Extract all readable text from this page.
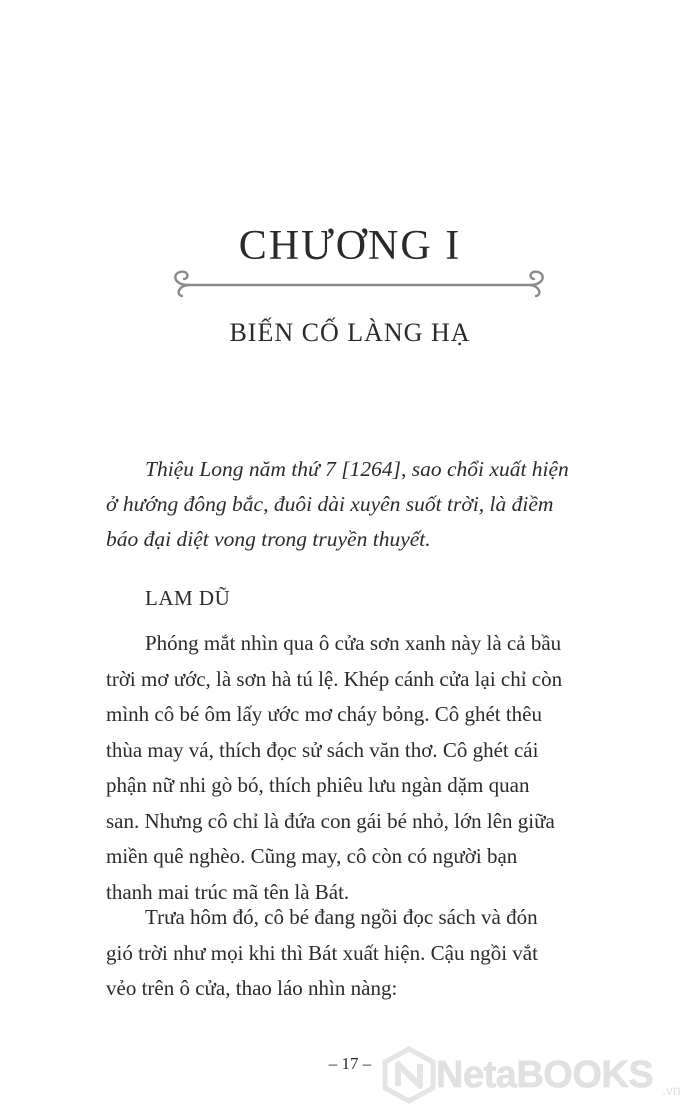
CHƯƠNG I
BIẾN CỐ LÀNG HẠ

Thiệu Long năm thứ 7 [1264], sao chổi xuất hiện
ở hướng đông bắc, đuôi dài xuyên suốt trời, là điềm
báo đại diệt vong trong truyền thuyết.

LAM DŨ

Phóng mắt nhìn qua ô cửa sơn xanh này là cả bầu
trời mơ ước, là sơn hà tú lệ. Khép cánh cửa lại chỉ còn
mình cô bé ôm lấy ước mơ cháy bỏng. Cô ghét thêu
thùa may vá, thích đọc sử sách văn thơ. Cô ghét cái
phận nữ nhi gò bó, thích phiêu lưu ngàn dặm quan
san. Nhưng cô chỉ là đứa con gái bé nhỏ, lớn lên giữa
miền quê nghèo. Cũng may, cô còn có người bạn
thanh mai trúc mã tên là Bát.

Trưa hôm đó, cô bé đang ngồi đọc sách và đón
gió trời như mọi khi thì Bát xuất hiện. Cậu ngồi vắt
vẻo trên ô cửa, thao láo nhìn nàng:

– 17 –	NetaBOOKS .vn
